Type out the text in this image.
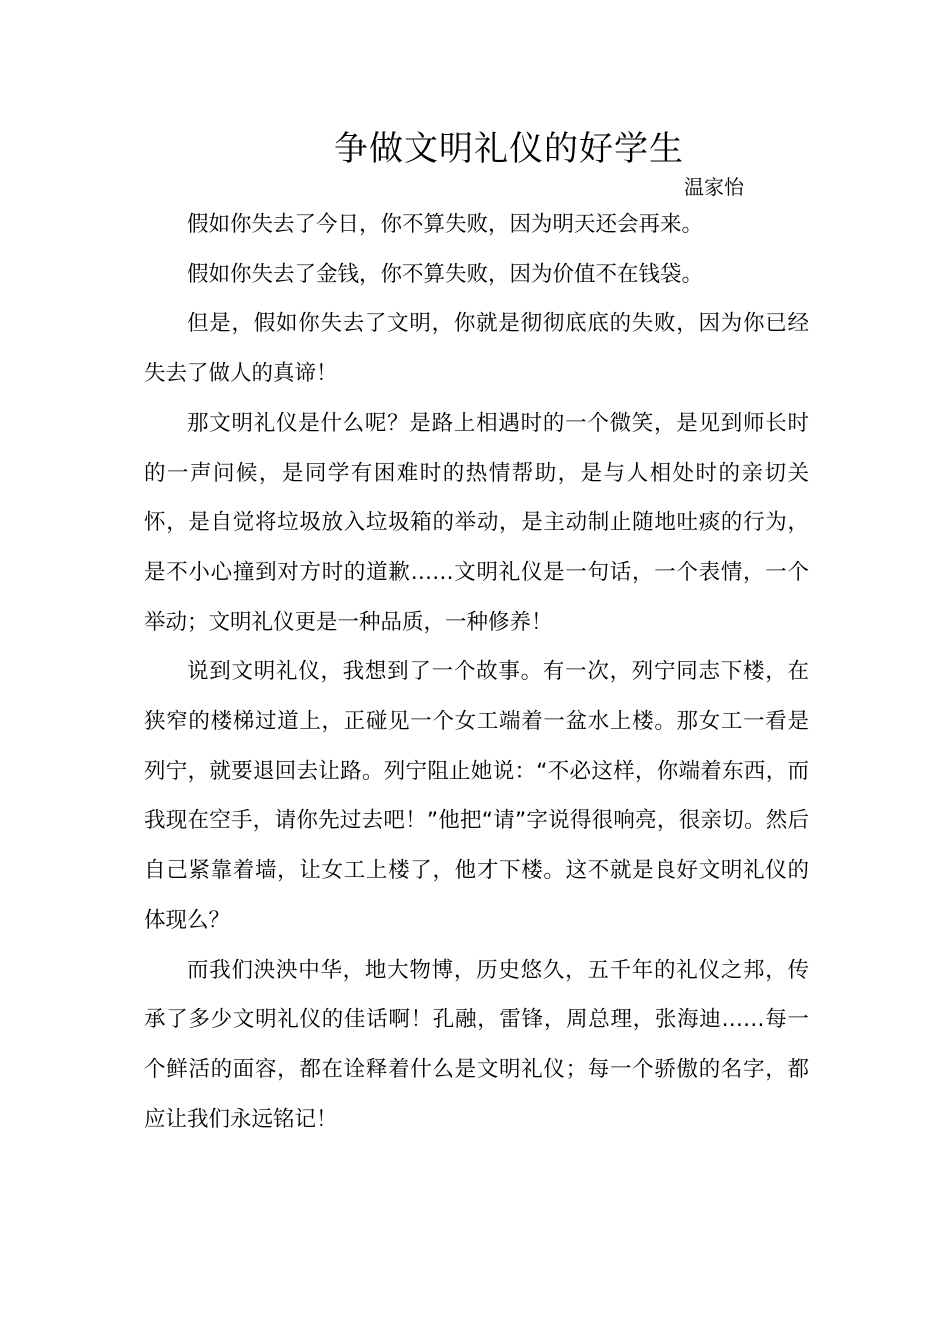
争做文明礼仪的好学生
温家怡

假如你失去了今日，你不算失败，因为明天还会再来。

假如你失去了金钱，你不算失败，因为价值不在钱袋。

但是，假如你失去了文明，你就是彻彻底底的失败，因为你已经失去了做人的真谛！

那文明礼仪是什么呢？是路上相遇时的一个微笑，是见到师长时的一声问候，是同学有困难时的热情帮助，是与人相处时的亲切关怀，是自觉将垃圾放入垃圾箱的举动，是主动制止随地吐痰的行为，是不小心撞到对方时的道歉……文明礼仪是一句话，一个表情，一个举动；文明礼仪更是一种品质，一种修养！

说到文明礼仪，我想到了一个故事。有一次，列宁同志下楼，在狭窄的楼梯过道上，正碰见一个女工端着一盆水上楼。那女工一看是列宁，就要退回去让路。列宁阻止她说：“不必这样，你端着东西，而我现在空手，请你先过去吧！”他把“请”字说得很响亮，很亲切。然后自己紧靠着墙，让女工上楼了，他才下楼。这不就是良好文明礼仪的体现么？

而我们泱泱中华，地大物博，历史悠久，五千年的礼仪之邦，传承了多少文明礼仪的佳话啊！孔融，雷锋，周总理，张海迪……每一个鲜活的面容，都在诠释着什么是文明礼仪；每一个骄傲的名字，都应让我们永远铭记！
